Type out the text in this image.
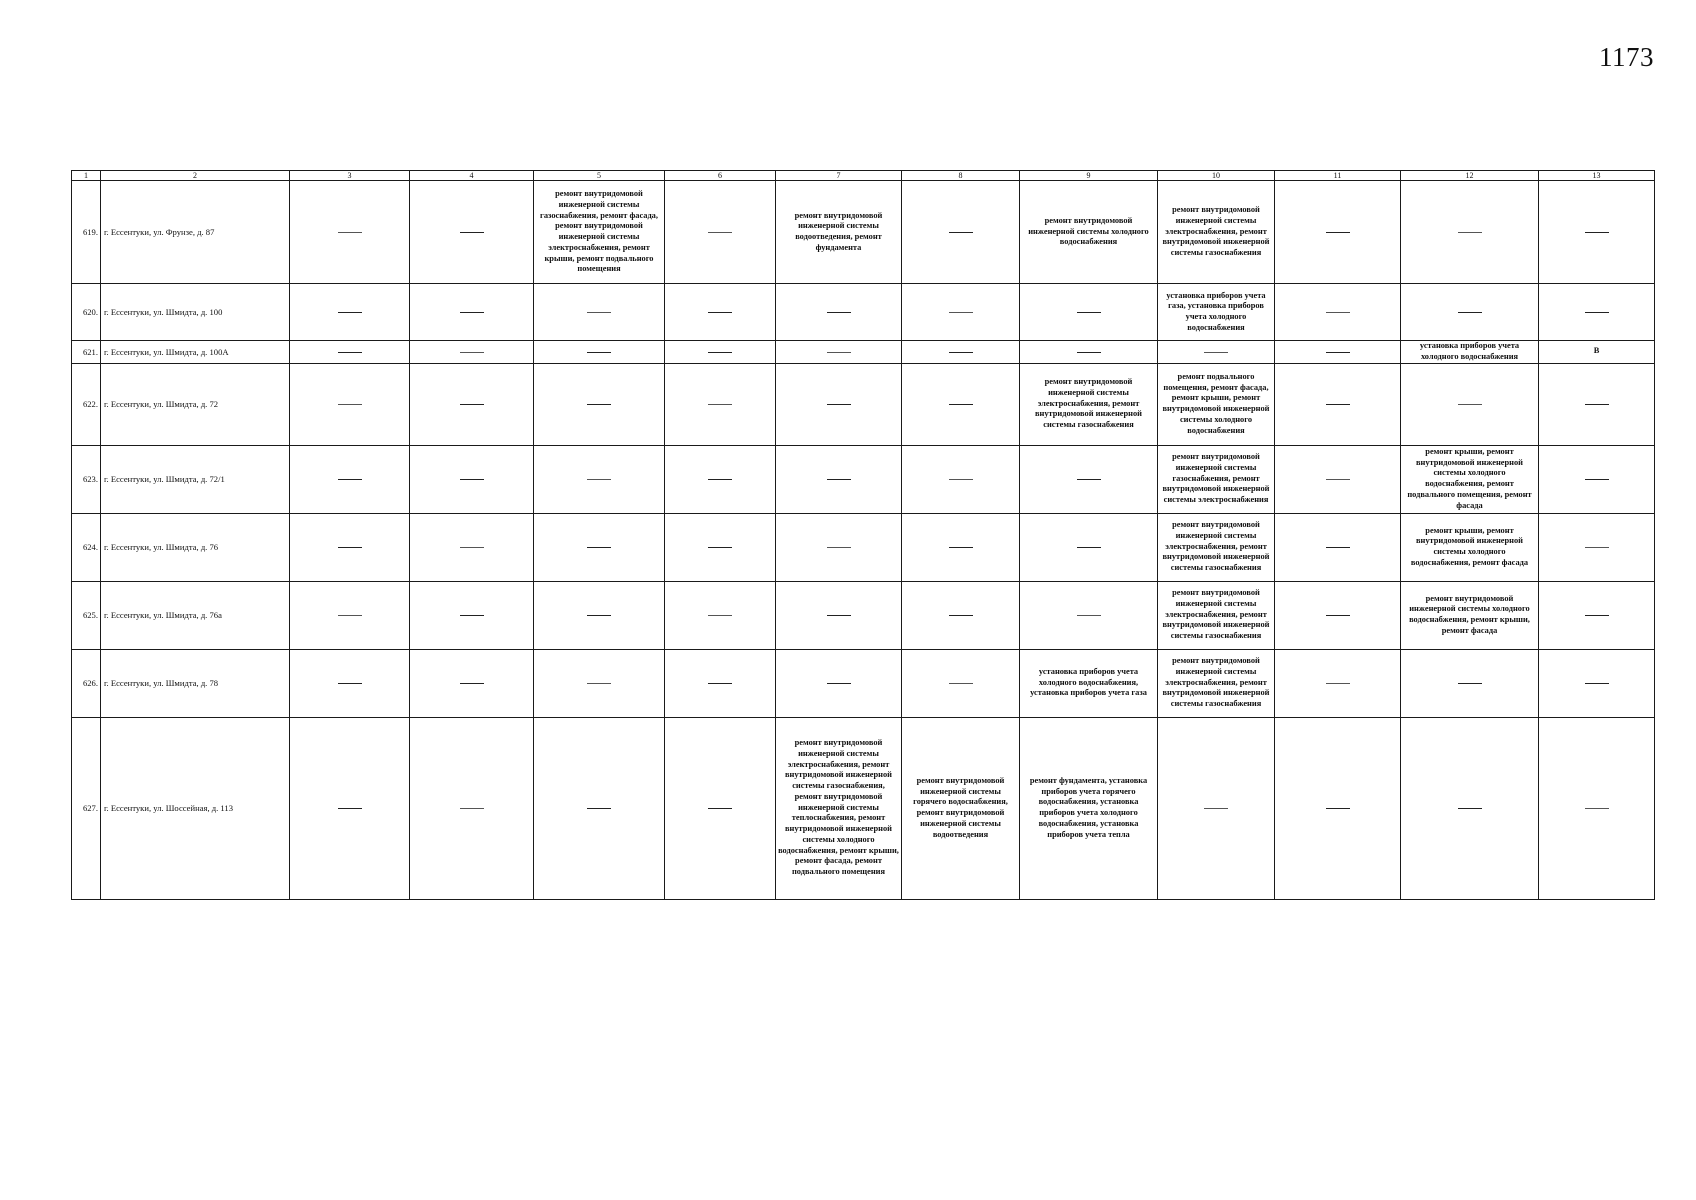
1173
1	2	3	4	5	6	7	8	9	10	11	12	13
619.	г. Ессентуки, ул. Фрунзе, д. 87			ремонт внутридомовой инженерной системы газоснабжения, ремонт фасада, ремонт внутридомовой инженерной системы электроснабжения, ремонт крыши, ремонт подвального помещения		ремонт внутридомовой инженерной системы водоотведения, ремонт фундамента		ремонт внутридомовой инженерной системы холодного водоснабжения	ремонт внутридомовой инженерной системы электроснабжения, ремонт внутридомовой инженерной системы газоснабжения			
620.	г. Ессентуки, ул. Шмидта, д. 100								установка приборов учета газа, установка приборов учета холодного водоснабжения			
621.	г. Ессентуки, ул. Шмидта, д. 100А										установка приборов учета холодного водоснабжения	В
622.	г. Ессентуки, ул. Шмидта, д. 72							ремонт внутридомовой инженерной системы электроснабжения, ремонт внутридомовой инженерной системы газоснабжения	ремонт подвального помещения, ремонт фасада, ремонт крыши, ремонт внутридомовой инженерной системы холодного водоснабжения			
623.	г. Ессентуки, ул. Шмидта, д. 72/1								ремонт внутридомовой инженерной системы газоснабжения, ремонт внутридомовой инженерной системы электроснабжения		ремонт крыши, ремонт внутридомовой инженерной системы холодного водоснабжения, ремонт подвального помещения, ремонт фасада	
624.	г. Ессентуки, ул. Шмидта, д. 76								ремонт внутридомовой инженерной системы электроснабжения, ремонт внутридомовой инженерной системы газоснабжения		ремонт крыши, ремонт внутридомовой инженерной системы холодного водоснабжения, ремонт фасада	
625.	г. Ессентуки, ул. Шмидта, д. 76а								ремонт внутридомовой инженерной системы электроснабжения, ремонт внутридомовой инженерной системы газоснабжения		ремонт внутридомовой инженерной системы холодного водоснабжения, ремонт крыши, ремонт фасада	
626.	г. Ессентуки, ул. Шмидта, д. 78							установка приборов учета холодного водоснабжения, установка приборов учета газа	ремонт внутридомовой инженерной системы электроснабжения, ремонт внутридомовой инженерной системы газоснабжения			
627.	г. Ессентуки, ул. Шоссейная, д. 113					ремонт внутридомовой инженерной системы электроснабжения, ремонт внутридомовой инженерной системы газоснабжения, ремонт внутридомовой инженерной системы теплоснабжения, ремонт внутридомовой инженерной системы холодного водоснабжения, ремонт крыши, ремонт фасада, ремонт подвального помещения	ремонт внутридомовой инженерной системы горячего водоснабжения, ремонт внутридомовой инженерной системы водоотведения	ремонт фундамента, установка приборов учета горячего водоснабжения, установка приборов учета холодного водоснабжения, установка приборов учета тепла				
